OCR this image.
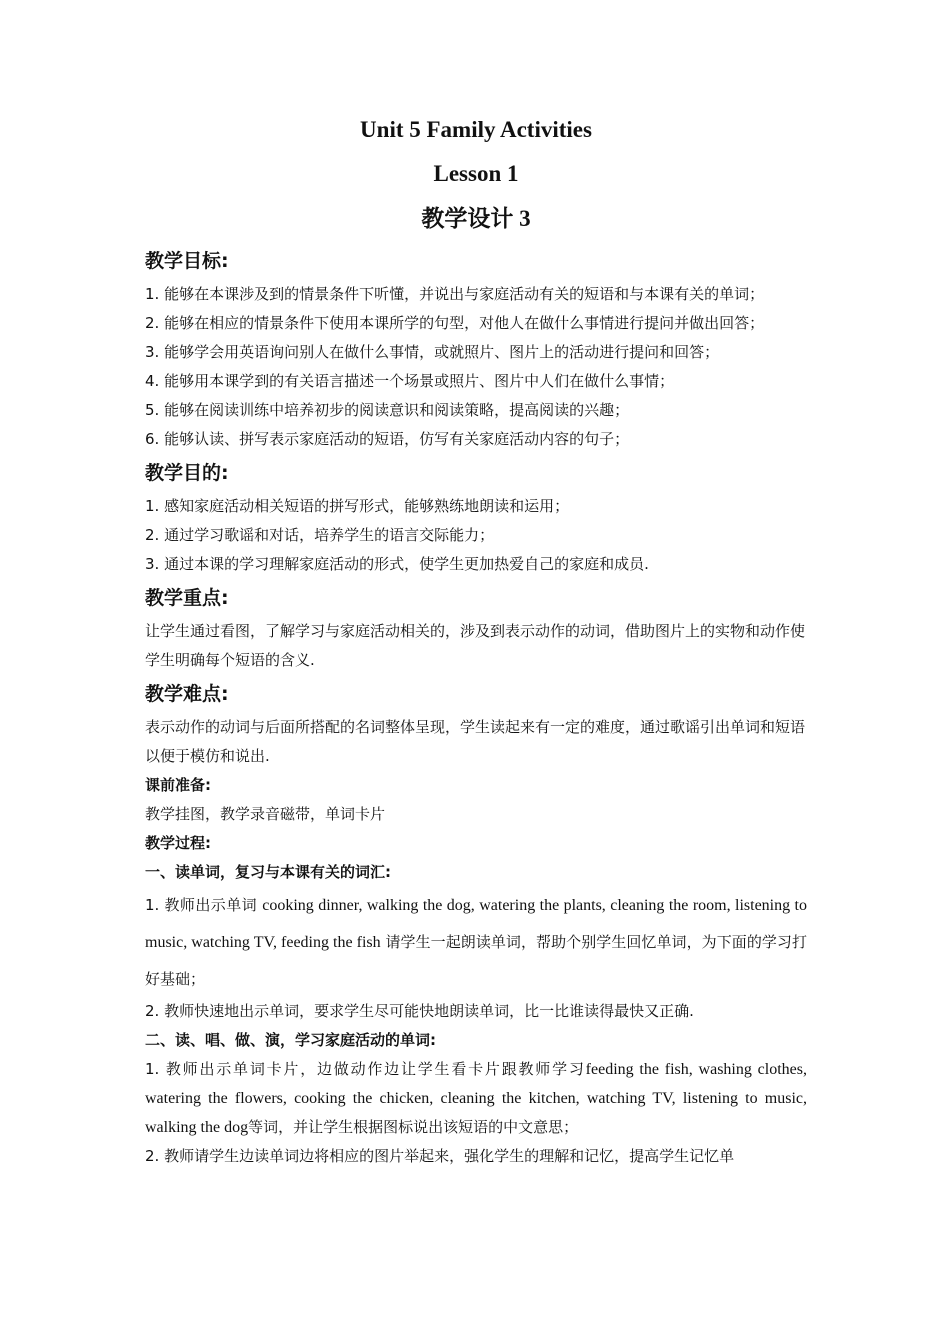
Unit 5 Family Activities
Lesson 1
教学设计 3
教学目标:

1. 能够在本课涉及到的情景条件下听懂，并说出与家庭活动有关的短语和与本课有关的单词；

2. 能够在相应的情景条件下使用本课所学的句型，对他人在做什么事情进行提问并做出回答；

3. 能够学会用英语询问别人在做什么事情，或就照片、图片上的活动进行提问和回答；

4. 能够用本课学到的有关语言描述一个场景或照片、图片中人们在做什么事情；

5. 能够在阅读训练中培养初步的阅读意识和阅读策略，提高阅读的兴趣；

6. 能够认读、拼写表示家庭活动的短语，仿写有关家庭活动内容的句子；

教学目的:

1. 感知家庭活动相关短语的拼写形式，能够熟练地朗读和运用；

2. 通过学习歌谣和对话，培养学生的语言交际能力；

3. 通过本课的学习理解家庭活动的形式，使学生更加热爱自己的家庭和成员.

教学重点:

让学生通过看图，了解学习与家庭活动相关的，涉及到表示动作的动词，借助图片上的实物和动作使学生明确每个短语的含义.

教学难点:

表示动作的动词与后面所搭配的名词整体呈现，学生读起来有一定的难度，通过歌谣引出单词和短语以便于模仿和说出.

课前准备:

教学挂图，教学录音磁带，单词卡片

教学过程:

一、读单词，复习与本课有关的词汇:

1. 教师出示单词 cooking dinner, walking the dog, watering the plants, cleaning the room, listening to music, watching TV, feeding the fish 请学生一起朗读单词，帮助个别学生回忆单词，为下面的学习打好基础；

2. 教师快速地出示单词，要求学生尽可能快地朗读单词，比一比谁读得最快又正确.

二、读、唱、做、演，学习家庭活动的单词:

1. 教师出示单词卡片，边做动作边让学生看卡片跟教师学习feeding the fish, washing clothes, watering the flowers, cooking the chicken, cleaning the kitchen, watching TV, listening to music, walking the dog等词，并让学生根据图标说出该短语的中文意思；

2. 教师请学生边读单词边将相应的图片举起来，强化学生的理解和记忆，提高学生记忆单
